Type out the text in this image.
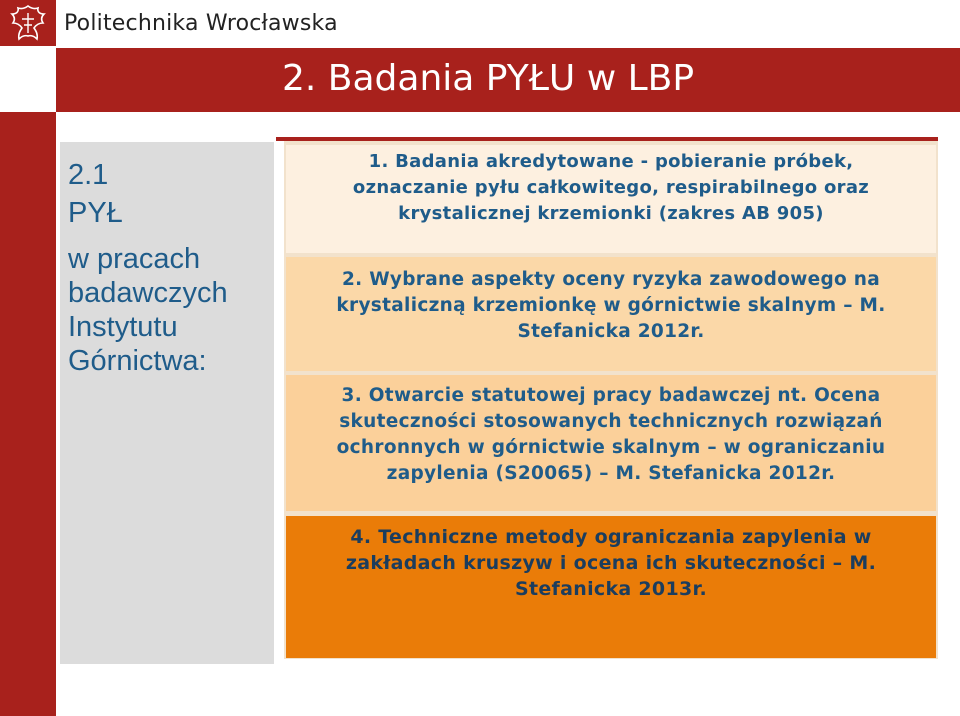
Politechnika Wrocławska
2. Badania PYŁU w LBP
2.1
PYŁ
w pracach badawczych
Instytutu Górnictwa:
1. Badania akredytowane - pobieranie próbek,
oznaczanie pyłu całkowitego, respirabilnego oraz
krystalicznej krzemionki (zakres AB 905)
2. Wybrane aspekty oceny ryzyka zawodowego na
krystaliczną krzemionkę w górnictwie skalnym – M.
Stefanicka 2012r.
3. Otwarcie statutowej pracy badawczej nt. Ocena
skuteczności stosowanych technicznych rozwiązań
ochronnych w górnictwie skalnym – w ograniczaniu
zapylenia (S20065) – M. Stefanicka 2012r.
4. Techniczne metody ograniczania zapylenia w
zakładach kruszyw i ocena ich skuteczności – M.
Stefanicka 2013r.
